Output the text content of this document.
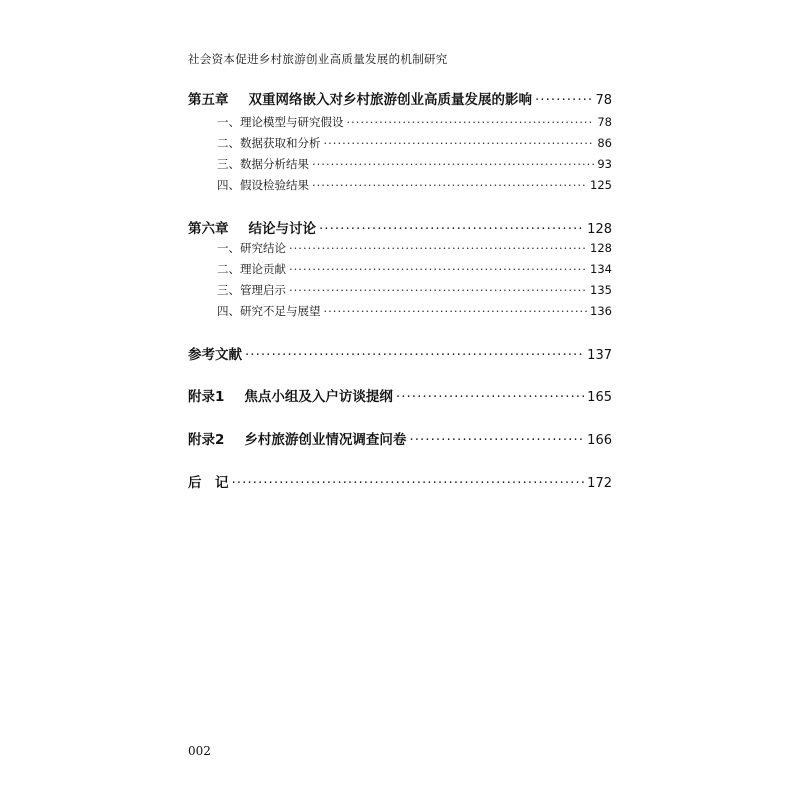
社会资本促进乡村旅游创业高质量发展的机制研究
第五章 双重网络嵌入对乡村旅游创业高质量发展的影响 ·····	78
一、理论模型与研究假设 ·····	78
二、数据获取和分析 ·····	86
三、数据分析结果 ·····	93
四、假设检验结果 ·····	125
第六章 结论与讨论 ·····	128
一、研究结论 ·····	128
二、理论贡献 ·····	134
三、管理启示 ·····	135
四、研究不足与展望 ·····	136
参考文献 ·····	137
附录1 焦点小组及入户访谈提纲 ·····	165
附录2 乡村旅游创业情况调查问卷 ·····	166
后　记 ·····	172
002
